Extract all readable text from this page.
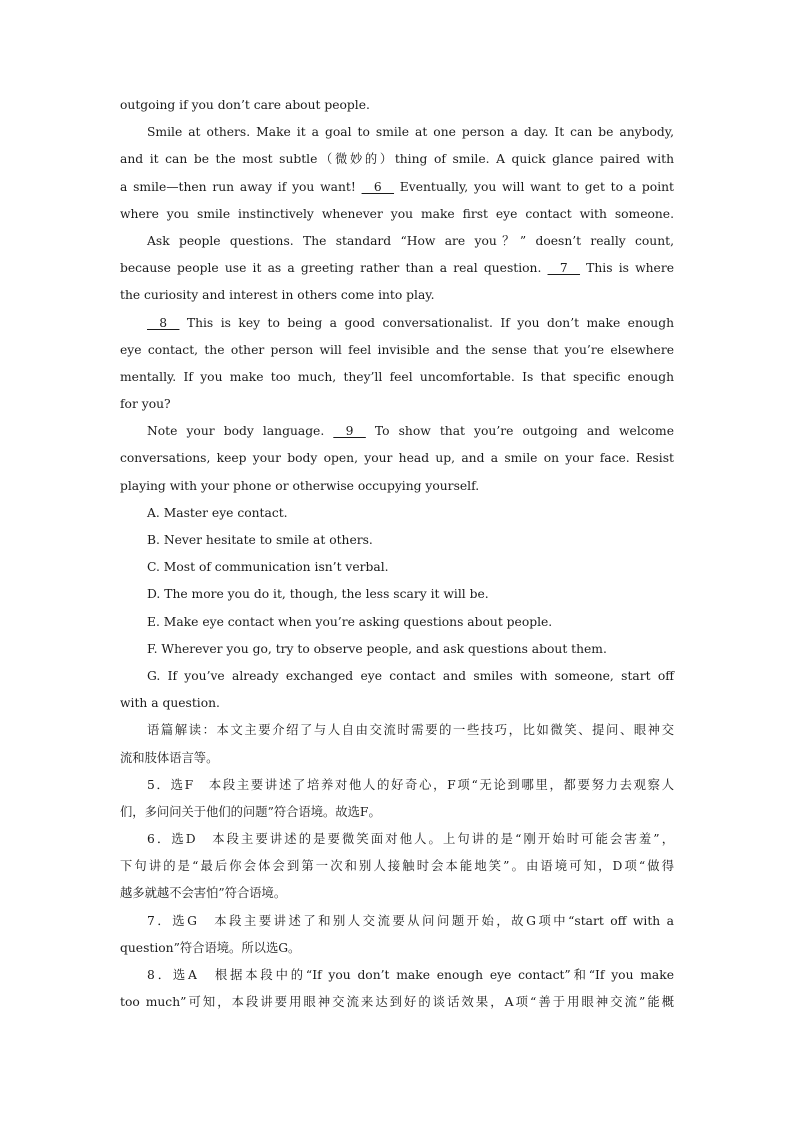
outgoing if you don’t care about people.
Smile at others. Make it a goal to smile at one person a day. It can be anybody,
and it can be the most subtle（微妙的）thing of smile. A quick glance paired with
a smile—then run away if you want! __6__ Eventually, you will want to get to a point
where you smile instinctively whenever you make first eye contact with someone.
Ask people questions. The standard “How are you？” doesn’t really count,
because people use it as a greeting rather than a real question. __7__ This is where
the curiosity and interest in others come into play.
__8__ This is key to being a good conversationalist. If you don’t make enough
eye contact, the other person will feel invisible and the sense that you’re elsewhere
mentally. If you make too much, they’ll feel uncomfortable. Is that specific enough
for you?
Note your body language. __9__ To show that you’re outgoing and welcome
conversations, keep your body open, your head up, and a smile on your face. Resist
playing with your phone or otherwise occupying yourself.
A. Master eye contact.
B. Never hesitate to smile at others.
C. Most of communication isn’t verbal.
D. The more you do it, though, the less scary it will be.
E. Make eye contact when you’re asking questions about people.
F. Wherever you go, try to observe people, and ask questions about them.
G. If you’ve already exchanged eye contact and smiles with someone, start off
with a question.
语篇解读：本文主要介绍了与人自由交流时需要的一些技巧，比如微笑、提问、眼神交
流和肢体语言等。
5．选F　本段主要讲述了培养对他人的好奇心，F项“无论到哪里，都要努力去观察人
们，多问问关于他们的问题”符合语境。故选F。
6．选D　本段主要讲述的是要微笑面对他人。上句讲的是“刚开始时可能会害羞”，
下句讲的是“最后你会体会到第一次和别人接触时会本能地笑”。由语境可知，D项“做得
越多就越不会害怕”符合语境。
7．选G　本段主要讲述了和别人交流要从问问题开始，故G项中“start off with a
question”符合语境。所以选G。
8．选A　根据本段中的“If you don’t make enough eye contact”和“If you make
too much”可知，本段讲要用眼神交流来达到好的谈话效果，A项“善于用眼神交流”能概
